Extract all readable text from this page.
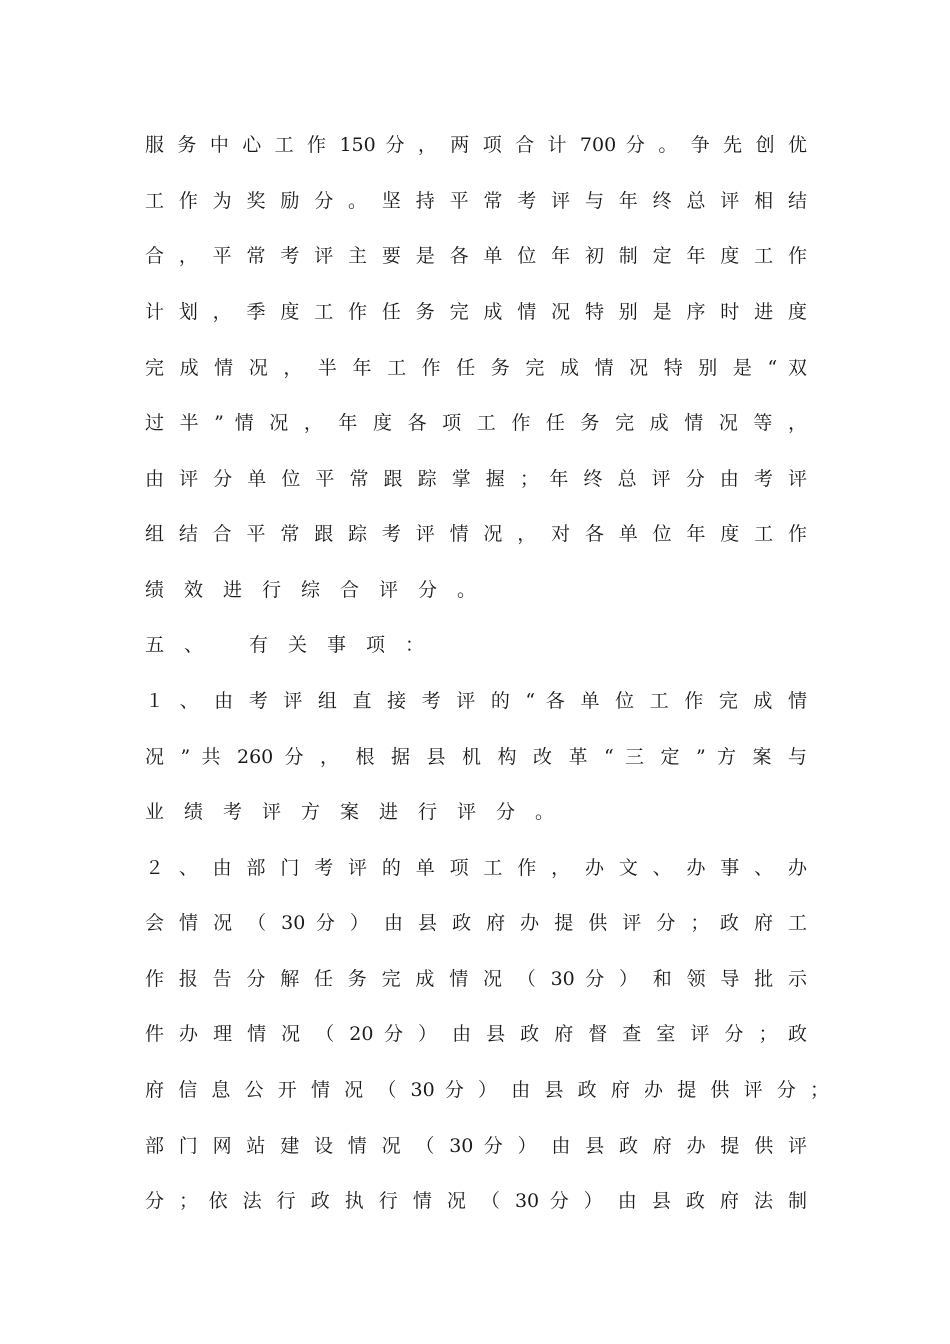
服 务 中 心 工 作 150 分 ， 两 项 合 计 700 分 。 争 先 创 优
工 作 为 奖 励 分 。 坚 持 平 常 考 评 与 年 终 总 评 相 结
合 ， 平 常 考 评 主 要 是 各 单 位 年 初 制 定 年 度 工 作
计 划 ， 季 度 工 作 任 务 完 成 情 况 特 别 是 序 时 进 度
完 成 情 况 ， 半 年 工 作 任 务 完 成 情 况 特 别 是 “ 双
过 半 ” 情 况 ， 年 度 各 项 工 作 任 务 完 成 情 况 等 ，
由 评 分 单 位 平 常 跟 踪 掌 握 ； 年 终 总 评 分 由 考 评
组 结 合 平 常 跟 踪 考 评 情 况 ， 对 各 单 位 年 度 工 作
绩效进行综合评分。
五、 有关事项：
１ 、 由 考 评 组 直 接 考 评 的 “ 各 单 位 工 作 完 成 情
况 ” 共 260 分 ， 根 据 县 机 构 改 革 “ 三 定 ” 方 案 与
业绩考评方案进行评分。
２ 、 由 部 门 考 评 的 单 项 工 作 ， 办 文 、 办 事 、 办
会 情 况 （ 30 分 ） 由 县 政 府 办 提 供 评 分 ； 政 府 工
作 报 告 分 解 任 务 完 成 情 况 （ 30 分 ） 和 领 导 批 示
件 办 理 情 况 （ 20 分 ） 由 县 政 府 督 查 室 评 分 ； 政
府 信 息 公 开 情 况 （ 30 分 ） 由 县 政 府 办 提 供 评 分 ；
部 门 网 站 建 设 情 况 （ 30 分 ） 由 县 政 府 办 提 供 评
分 ； 依 法 行 政 执 行 情 况 （ 30 分 ） 由 县 政 府 法 制
